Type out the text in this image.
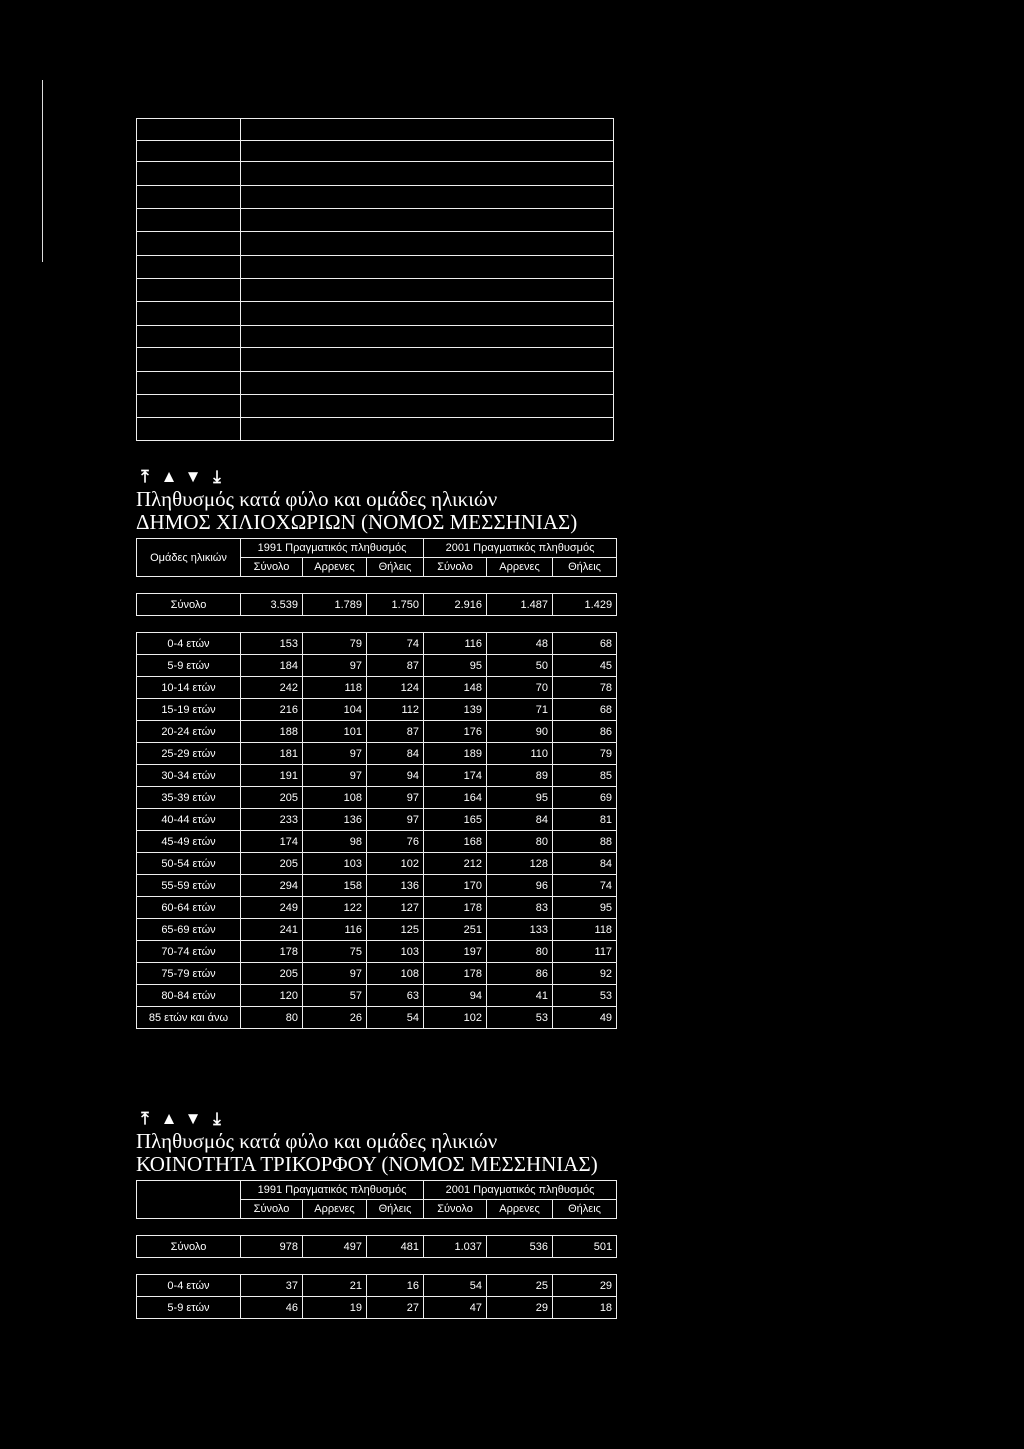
⤒ ▲ ▼ ⤓
Πληθυσμός κατά φύλο και ομάδες ηλικιών
ΔΗΜΟΣ ΧΙΛΙΟΧΩΡΙΩΝ (ΝΟΜΟΣ ΜΕΣΣΗΝΙΑΣ)
Ομάδες ηλικιών	1991 Πραγματικός πληθυσμός			2001 Πραγματικός πληθυσμός		
	Σύνολο	Αρρενες	Θήλεις	Σύνολο	Αρρενες	Θήλεις

Σύνολο	3.539	1.789	1.750	2.916	1.487	1.429

0-4 ετών	153	79	74	116	48	68
5-9 ετών	184	97	87	95	50	45
10-14 ετών	242	118	124	148	70	78
15-19 ετών	216	104	112	139	71	68
20-24 ετών	188	101	87	176	90	86
25-29 ετών	181	97	84	189	110	79
30-34 ετών	191	97	94	174	89	85
35-39 ετών	205	108	97	164	95	69
40-44 ετών	233	136	97	165	84	81
45-49 ετών	174	98	76	168	80	88
50-54 ετών	205	103	102	212	128	84
55-59 ετών	294	158	136	170	96	74
60-64 ετών	249	122	127	178	83	95
65-69 ετών	241	116	125	251	133	118
70-74 ετών	178	75	103	197	80	117
75-79 ετών	205	97	108	178	86	92
80-84 ετών	120	57	63	94	41	53
85 ετών και άνω	80	26	54	102	53	49
⤒ ▲ ▼ ⤓
Πληθυσμός κατά φύλο και ομάδες ηλικιών
ΚΟΙΝΟΤΗΤΑ ΤΡΙΚΟΡΦΟΥ (ΝΟΜΟΣ ΜΕΣΣΗΝΙΑΣ)
	1991 Πραγματικός πληθυσμός			2001 Πραγματικός πληθυσμός		
	Σύνολο	Αρρενες	Θήλεις	Σύνολο	Αρρενες	Θήλεις

Σύνολο	978	497	481	1.037	536	501

0-4 ετών	37	21	16	54	25	29
5-9 ετών	46	19	27	47	29	18
